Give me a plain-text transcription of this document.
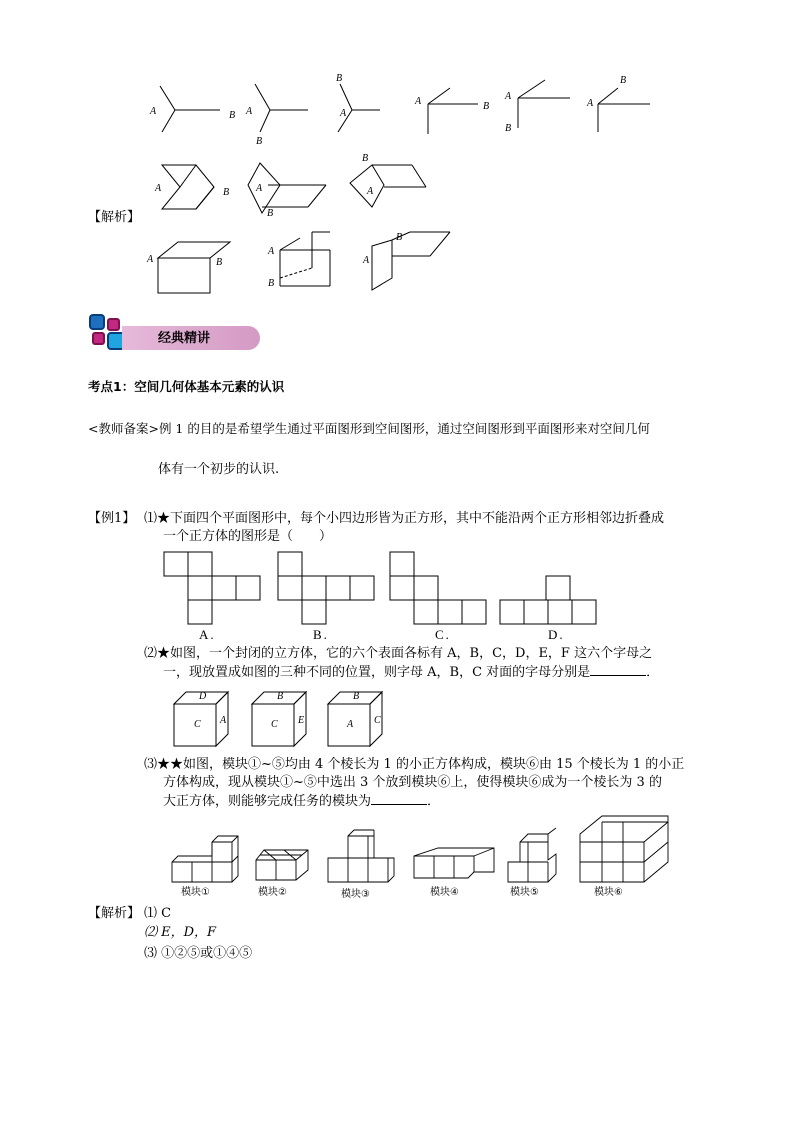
A	B A
B
B
A
A	B
A
B
B
A
A	B	A
B
B
A
【解析】
A	B
A
B
B
A
经典精讲
考点1：空间几何体基本元素的认识
<教师备案>例 1 的目的是希望学生通过平面图形到空间图形，通过空间图形到平面图形来对空间几何
体有一个初步的认识.
【例1】 ⑴★下面四个平面图形中，每个小四边形皆为正方形，其中不能沿两个正方形相邻边折叠成
一个正方体的图形是（　　）
A.	B.	C.	D.
⑵★如图，一个封闭的立方体，它的六个表面各标有 A，B，C，D，E，F 这六个字母之
一，现放置成如图的三种不同的位置，则字母 A，B，C 对面的字母分别是	．
D
C A
B
C E
B
A C
⑶★★如图，模块①~⑤均由 4 个棱长为 1 的小正方体构成，模块⑥由 15 个棱长为 1 的小正
方体构成，现从模块①~⑤中选出 3 个放到模块⑥上，使得模块⑥成为一个棱长为 3 的
大正方体，则能够完成任务的模块为	．
模块①	模块②	模块③	模块④	模块⑤	模块⑥
【解析】 ⑴ C
⑵ E，D，F
⑶ ①②⑤或①④⑤
